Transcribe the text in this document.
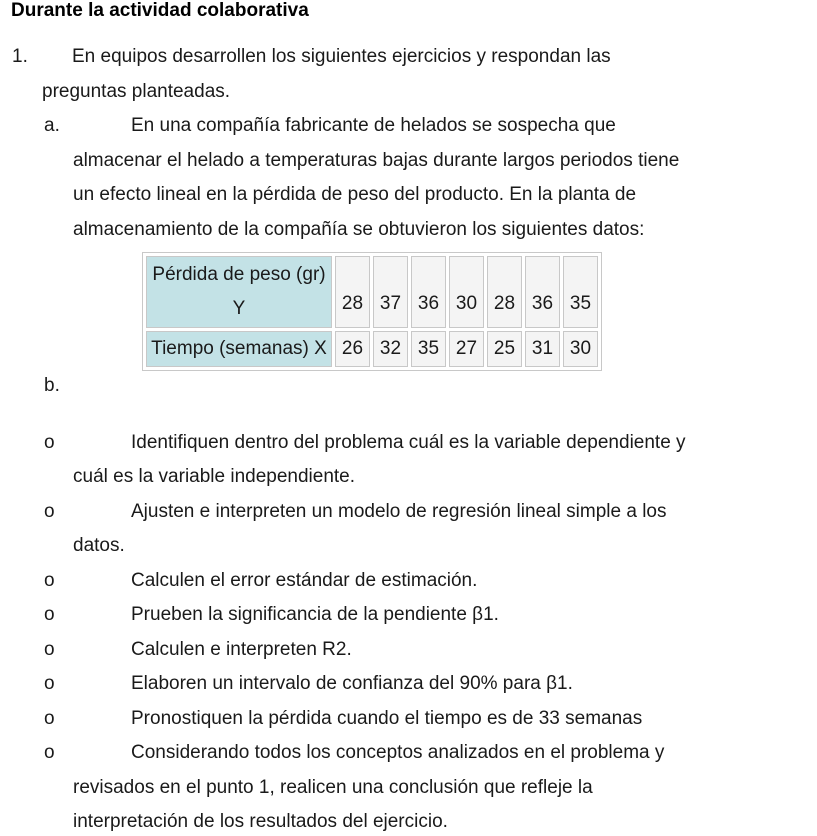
Durante la actividad colaborativa
1. En equipos desarrollen los siguientes ejercicios y respondan las
preguntas planteadas.
a.	En una compañía fabricante de helados se sospecha que
almacenar el helado a temperaturas bajas durante largos periodos tiene
un efecto lineal en la pérdida de peso del producto. En la planta de
almacenamiento de la compañía se obtuvieron los siguientes datos:
Pérdida de peso (gr)
Y	28	37	36	30	28	36	35
Tiempo (semanas) X	26	32	35	27	25	31	30
b.
o	Identifiquen dentro del problema cuál es la variable dependiente y
cuál es la variable independiente.
o	Ajusten e interpreten un modelo de regresión lineal simple a los
datos.
o	Calculen el error estándar de estimación.
o	Prueben la significancia de la pendiente β1.
o	Calculen e interpreten R2.
o	Elaboren un intervalo de confianza del 90% para β1.
o	Pronostiquen la pérdida cuando el tiempo es de 33 semanas
o	Considerando todos los conceptos analizados en el problema y
revisados en el punto 1, realicen una conclusión que refleje la
interpretación de los resultados del ejercicio.
